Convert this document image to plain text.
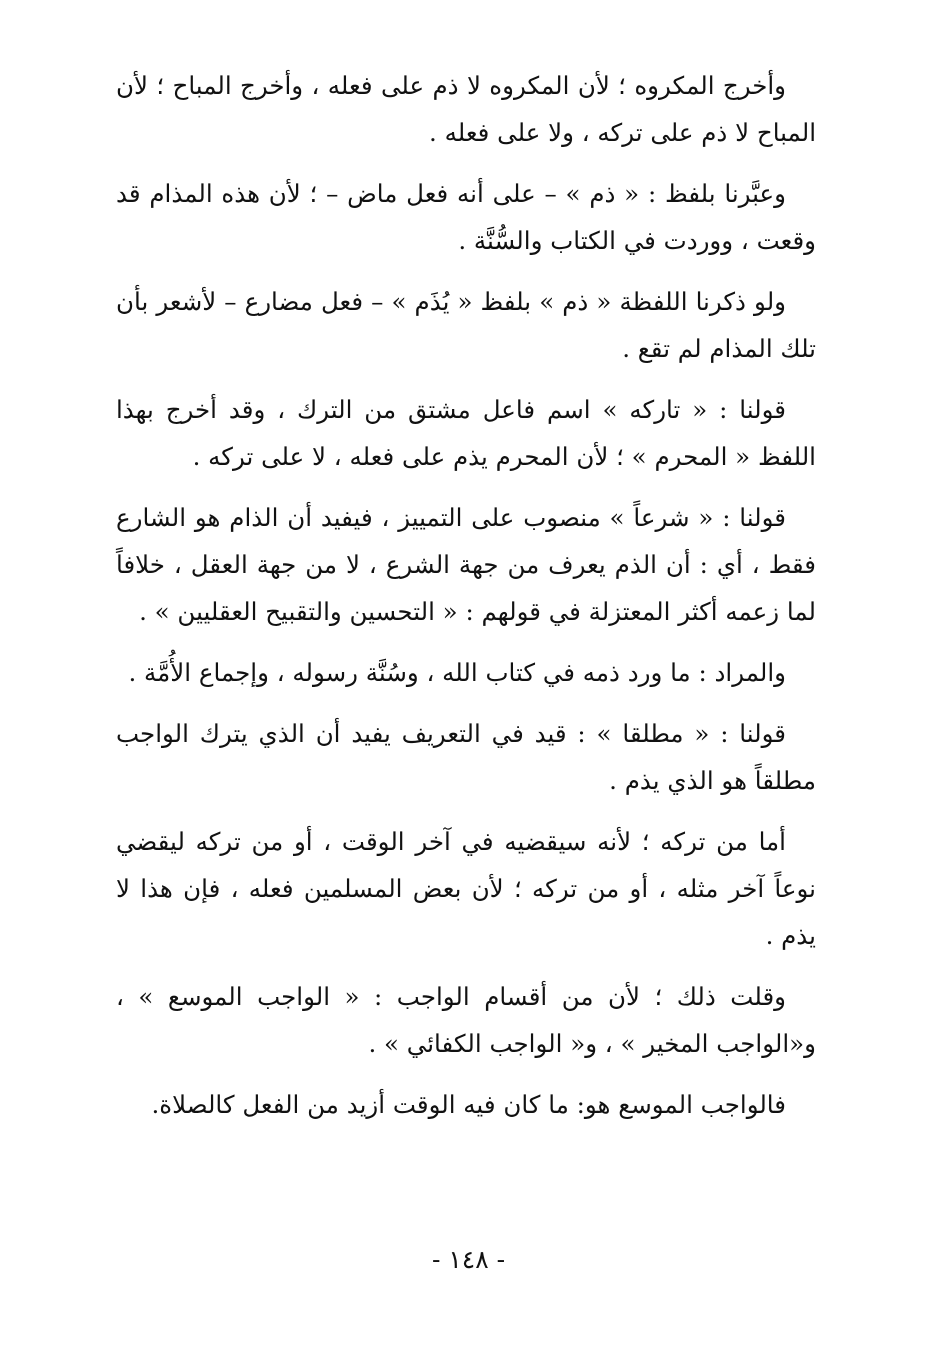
وأخرج المكروه ؛ لأن المكروه لا ذم على فعله ، وأخرج المباح ؛ لأن المباح لا ذم على تركه ، ولا على فعله .

وعبَّرنا بلفظ : « ذم » – على أنه فعل ماض – ؛ لأن هذه المذام قد وقعت ، ووردت في الكتاب والسُّنَّة .

ولو ذكرنا اللفظة « ذم » بلفظ « يُذَم » – فعل مضارع – لأشعر بأن تلك المذام لم تقع .

قولنا : « تاركه » اسم فاعل مشتق من الترك ، وقد أخرج بهذا اللفظ « المحرم » ؛ لأن المحرم يذم على فعله ، لا على تركه .

قولنا : « شرعاً » منصوب على التمييز ، فيفيد أن الذام هو الشارع فقط ، أي : أن الذم يعرف من جهة الشرع ، لا من جهة العقل ، خلافاً لما زعمه أكثر المعتزلة في قولهم : « التحسين والتقبيح العقليين » .

والمراد : ما ورد ذمه في كتاب الله ، وسُنَّة رسوله ، وإجماع الأُمَّة .

قولنا : « مطلقا » : قيد في التعريف يفيد أن الذي يترك الواجب مطلقاً هو الذي يذم .

أما من تركه ؛ لأنه سيقضيه في آخر الوقت ، أو من تركه ليقضي نوعاً آخر مثله ، أو من تركه ؛ لأن بعض المسلمين فعله ، فإن هذا لا يذم .

وقلت ذلك ؛ لأن من أقسام الواجب : « الواجب الموسع » ، و«الواجب المخير » ، و« الواجب الكفائي » .

فالواجب الموسع هو: ما كان فيه الوقت أزيد من الفعل كالصلاة.

- ١٤٨ -
